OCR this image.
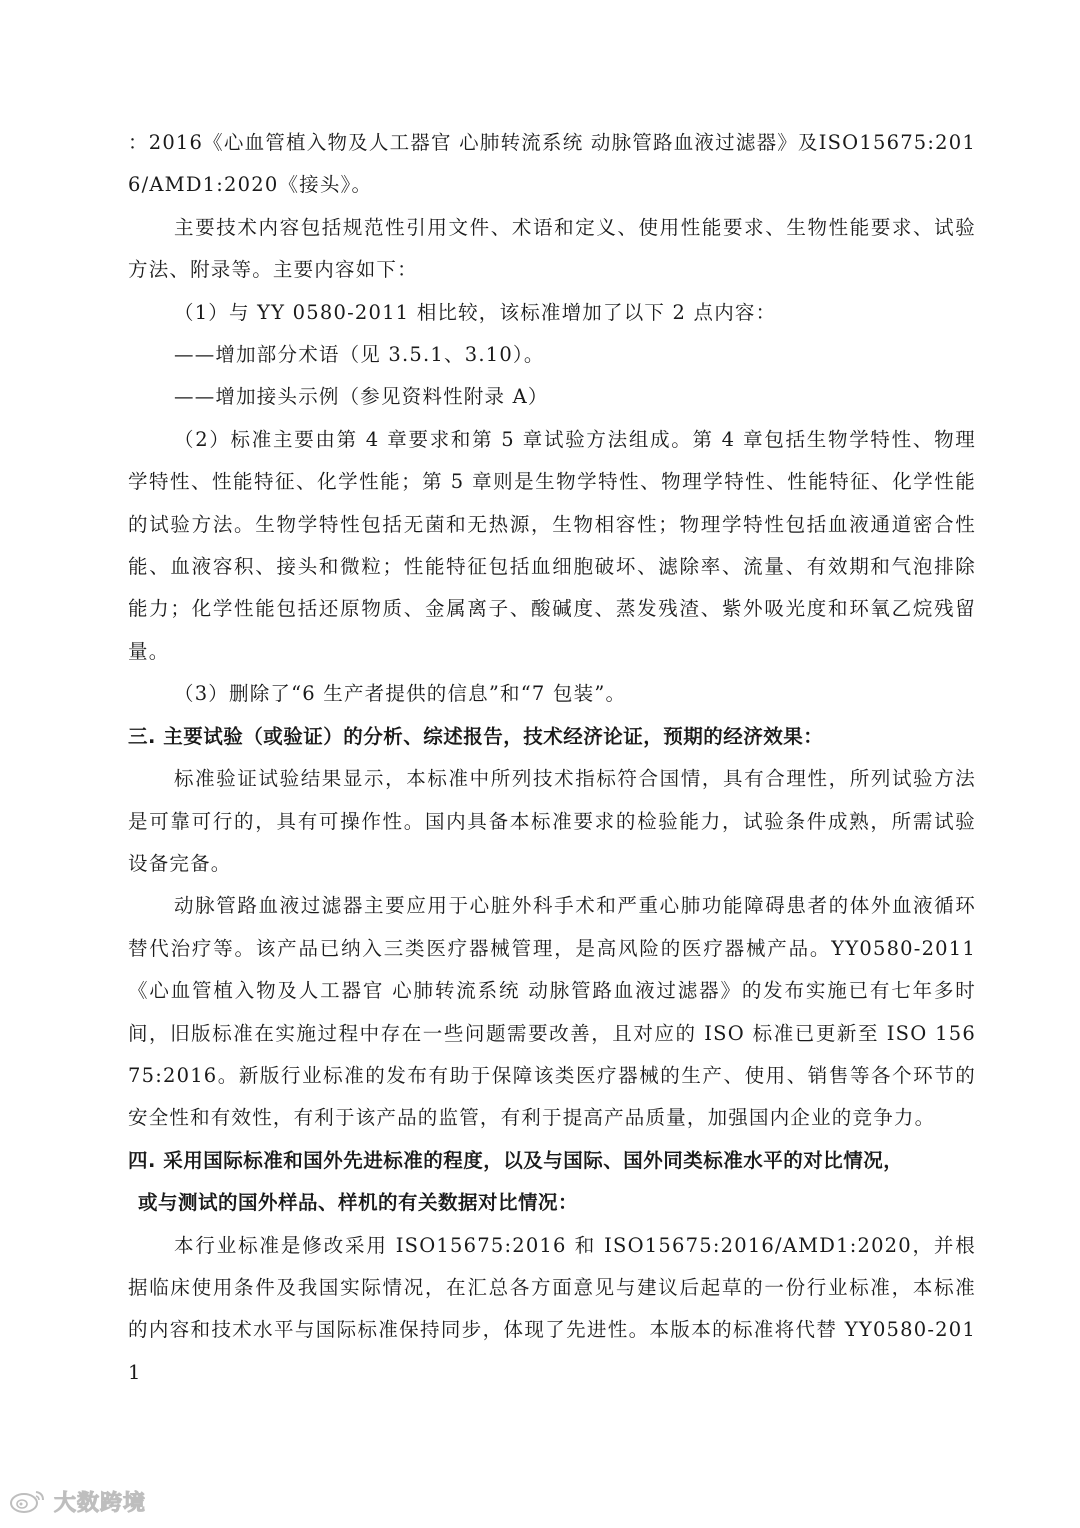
：2016《心血管植入物及人工器官 心肺转流系统 动脉管路血液过滤器》及ISO15675:2016/AMD1:2020《接头》。

主要技术内容包括规范性引用文件、术语和定义、使用性能要求、生物性能要求、试验方法、附录等。主要内容如下：

（1）与 YY 0580-2011 相比较，该标准增加了以下 2 点内容：

——增加部分术语（见 3.5.1、3.10）。

——增加接头示例（参见资料性附录 A）

（2）标准主要由第 4 章要求和第 5 章试验方法组成。第 4 章包括生物学特性、物理学特性、性能特征、化学性能；第 5 章则是生物学特性、物理学特性、性能特征、化学性能的试验方法。生物学特性包括无菌和无热源，生物相容性；物理学特性包括血液通道密合性能、血液容积、接头和微粒；性能特征包括血细胞破坏、滤除率、流量、有效期和气泡排除能力；化学性能包括还原物质、金属离子、酸碱度、蒸发残渣、紫外吸光度和环氧乙烷残留量。

（3）删除了“6 生产者提供的信息”和“7 包装”。

三. 主要试验（或验证）的分析、综述报告，技术经济论证，预期的经济效果：

标准验证试验结果显示，本标准中所列技术指标符合国情，具有合理性，所列试验方法是可靠可行的，具有可操作性。国内具备本标准要求的检验能力，试验条件成熟，所需试验设备完备。

动脉管路血液过滤器主要应用于心脏外科手术和严重心肺功能障碍患者的体外血液循环替代治疗等。该产品已纳入三类医疗器械管理，是高风险的医疗器械产品。YY0580-2011《心血管植入物及人工器官 心肺转流系统 动脉管路血液过滤器》的发布实施已有七年多时间，旧版标准在实施过程中存在一些问题需要改善，且对应的 ISO 标准已更新至 ISO 15675:2016。新版行业标准的发布有助于保障该类医疗器械的生产、使用、销售等各个环节的安全性和有效性，有利于该产品的监管，有利于提高产品质量，加强国内企业的竞争力。

四. 采用国际标准和国外先进标准的程度，以及与国际、国外同类标准水平的对比情况，

或与测试的国外样品、样机的有关数据对比情况：

本行业标准是修改采用 ISO15675:2016 和 ISO15675:2016/AMD1:2020，并根据临床使用条件及我国实际情况，在汇总各方面意见与建议后起草的一份行业标准，本标准的内容和技术水平与国际标准保持同步，体现了先进性。本版本的标准将代替 YY0580-2011

大数跨境
